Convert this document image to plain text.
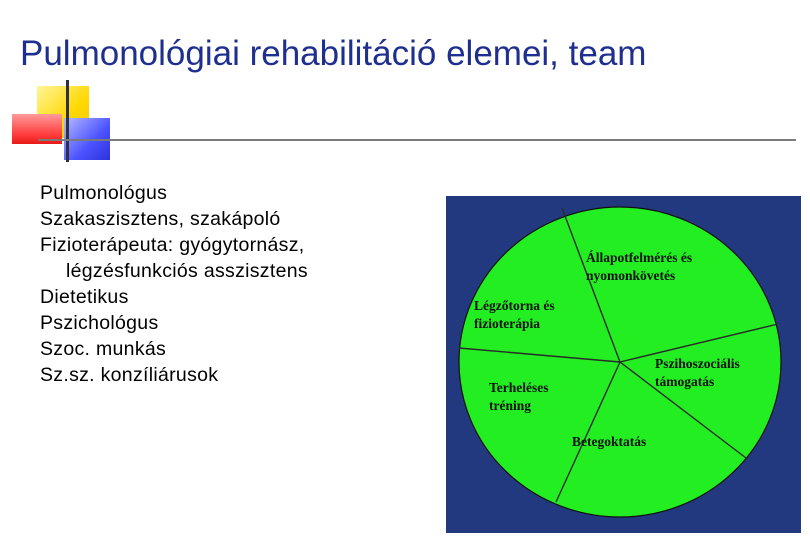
Pulmonológiai rehabilitáció elemei, team
Pulmonológus
Szakaszisztens, szakápoló
Fizioterápeuta: gyógytornász,
légzésfunkciós asszisztens
Dietetikus
Pszichológus
Szoc. munkás
Sz.sz. konzíliárusok
Állapotfelmérés és nyomonkövetés
Légzőtorna és fizioterápia
Pszihoszociális támogatás
Terheléses tréning
Betegoktatás
